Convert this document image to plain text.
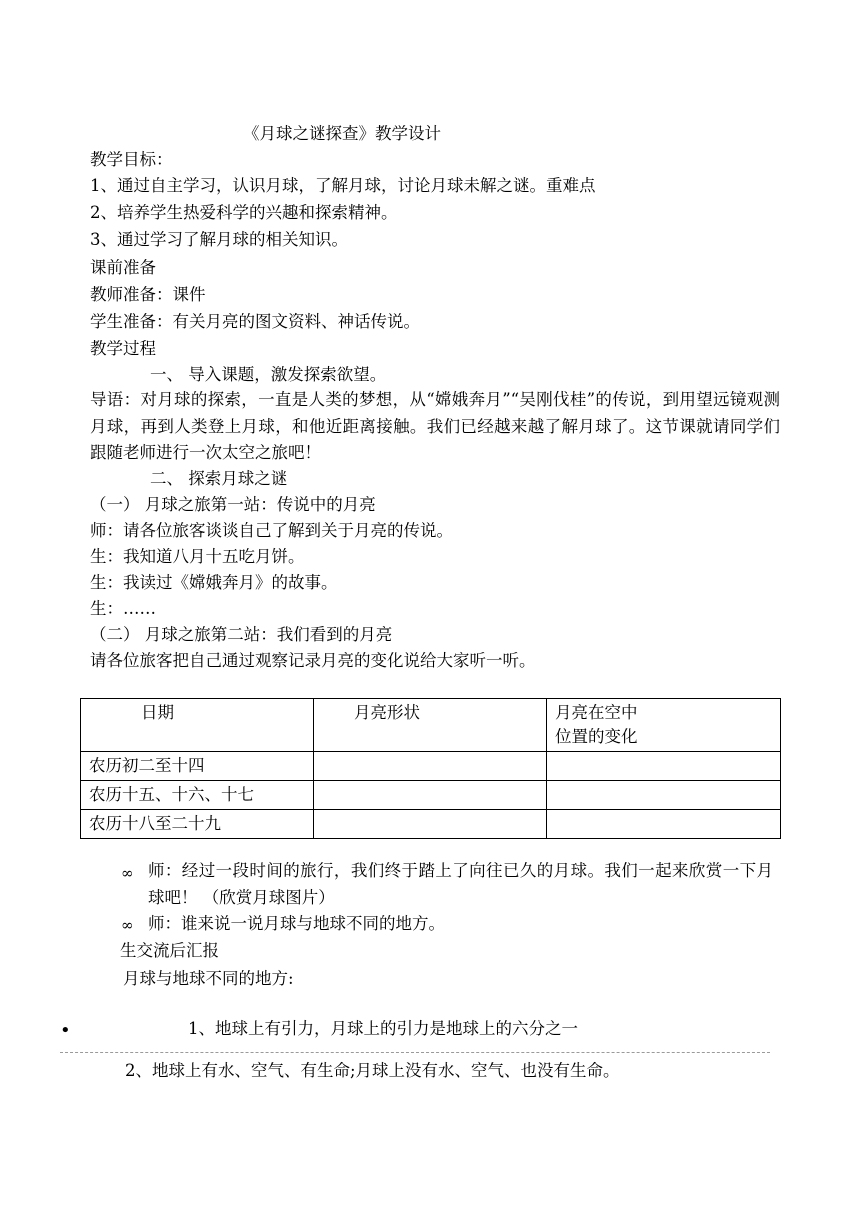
《月球之谜探查》教学设计
教学目标：
1、通过自主学习，认识月球，了解月球，讨论月球未解之谜。重难点
2、培养学生热爱科学的兴趣和探索精神。
3、通过学习了解月球的相关知识。
课前准备
教师准备：课件
学生准备：有关月亮的图文资料、神话传说。
教学过程
一、 导入课题，激发探索欲望。
导语：对月球的探索，一直是人类的梦想，从“嫦娥奔月”“吴刚伐桂”的传说，到用望远镜观测月球，再到人类登上月球，和他近距离接触。我们已经越来越了解月球了。这节课就请同学们跟随老师进行一次太空之旅吧！
二、 探索月球之谜
（一） 月球之旅第一站：传说中的月亮
师：请各位旅客谈谈自己了解到关于月亮的传说。
生：我知道八月十五吃月饼。
生：我读过《嫦娥奔月》的故事。
生：……
（二） 月球之旅第二站：我们看到的月亮
请各位旅客把自己通过观察记录月亮的变化说给大家听一听。
日期	月亮形状	月亮在空中
位置的变化
农历初二至十四		
农历十五、十六、十七		
农历十八至二十九		
∞ 师：经过一段时间的旅行，我们终于踏上了向往已久的月球。我们一起来欣赏一下月球吧！ （欣赏月球图片）
∞ 师：谁来说一说月球与地球不同的地方。
生交流后汇报
月球与地球不同的地方:
•	1、地球上有引力，月球上的引力是地球上的六分之一
2、地球上有水、空气、有生命;月球上没有水、空气、也没有生命。
